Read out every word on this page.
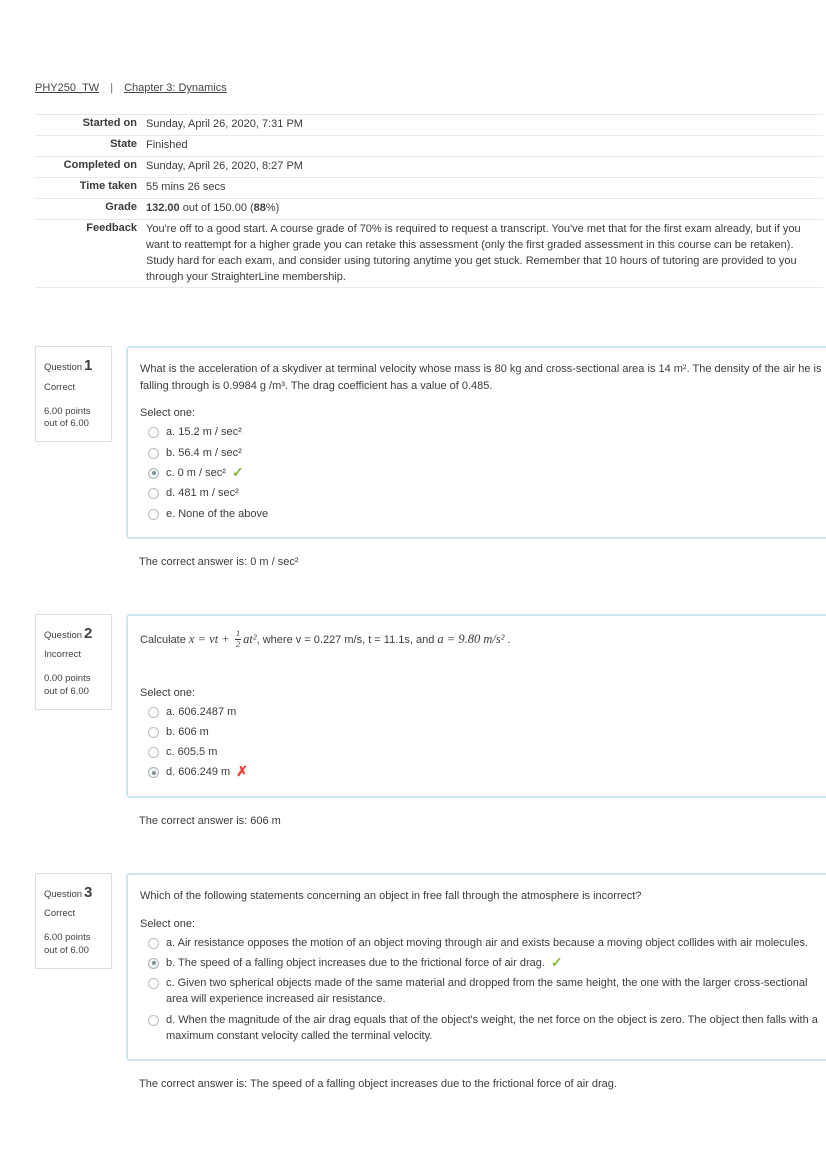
PHY250_TW | Chapter 3: Dynamics
Started on	Sunday, April 26, 2020, 7:31 PM
State	Finished
Completed on	Sunday, April 26, 2020, 8:27 PM
Time taken	55 mins 26 secs
Grade	132.00 out of 150.00 (88%)
Feedback	You're off to a good start. A course grade of 70% is required to request a transcript. You've met that for the first exam already, but if you want to reattempt for a higher grade you can retake this assessment (only the first graded assessment in this course can be retaken). Study hard for each exam, and consider using tutoring anytime you get stuck. Remember that 10 hours of tutoring are provided to you through your StraighterLine membership.
Question 1
Correct
6.00 points out of 6.00
What is the acceleration of a skydiver at terminal velocity whose mass is 80 kg and cross-sectional area is 14 m². The density of the air he is falling through is 0.9984 g /m³. The drag coefficient has a value of 0.485.
Select one:
a. 15.2 m / sec²
b. 56.4 m / sec²
c. 0 m / sec² ✓
d. 481 m / sec²
e. None of the above
The correct answer is: 0 m / sec²
Question 2
Incorrect
0.00 points out of 6.00
Calculate x = vt + $\frac{1}{2} at^2$, where v = 0.227 m/s, t = 11.1s, and a = 9.80 m/s² .
Select one:
a. 606.2487 m
b. 606 m
c. 605.5 m
d. 606.249 m ✗
The correct answer is: 606 m
Question 3
Correct
6.00 points out of 6.00
Which of the following statements concerning an object in free fall through the atmosphere is incorrect?
Select one:
a. Air resistance opposes the motion of an object moving through air and exists because a moving object collides with air molecules.
b. The speed of a falling object increases due to the frictional force of air drag. ✓
c. Given two spherical objects made of the same material and dropped from the same height, the one with the larger cross-sectional area will experience increased air resistance.
d. When the magnitude of the air drag equals that of the object's weight, the net force on the object is zero. The object then falls with a maximum constant velocity called the terminal velocity.
The correct answer is: The speed of a falling object increases due to the frictional force of air drag.
